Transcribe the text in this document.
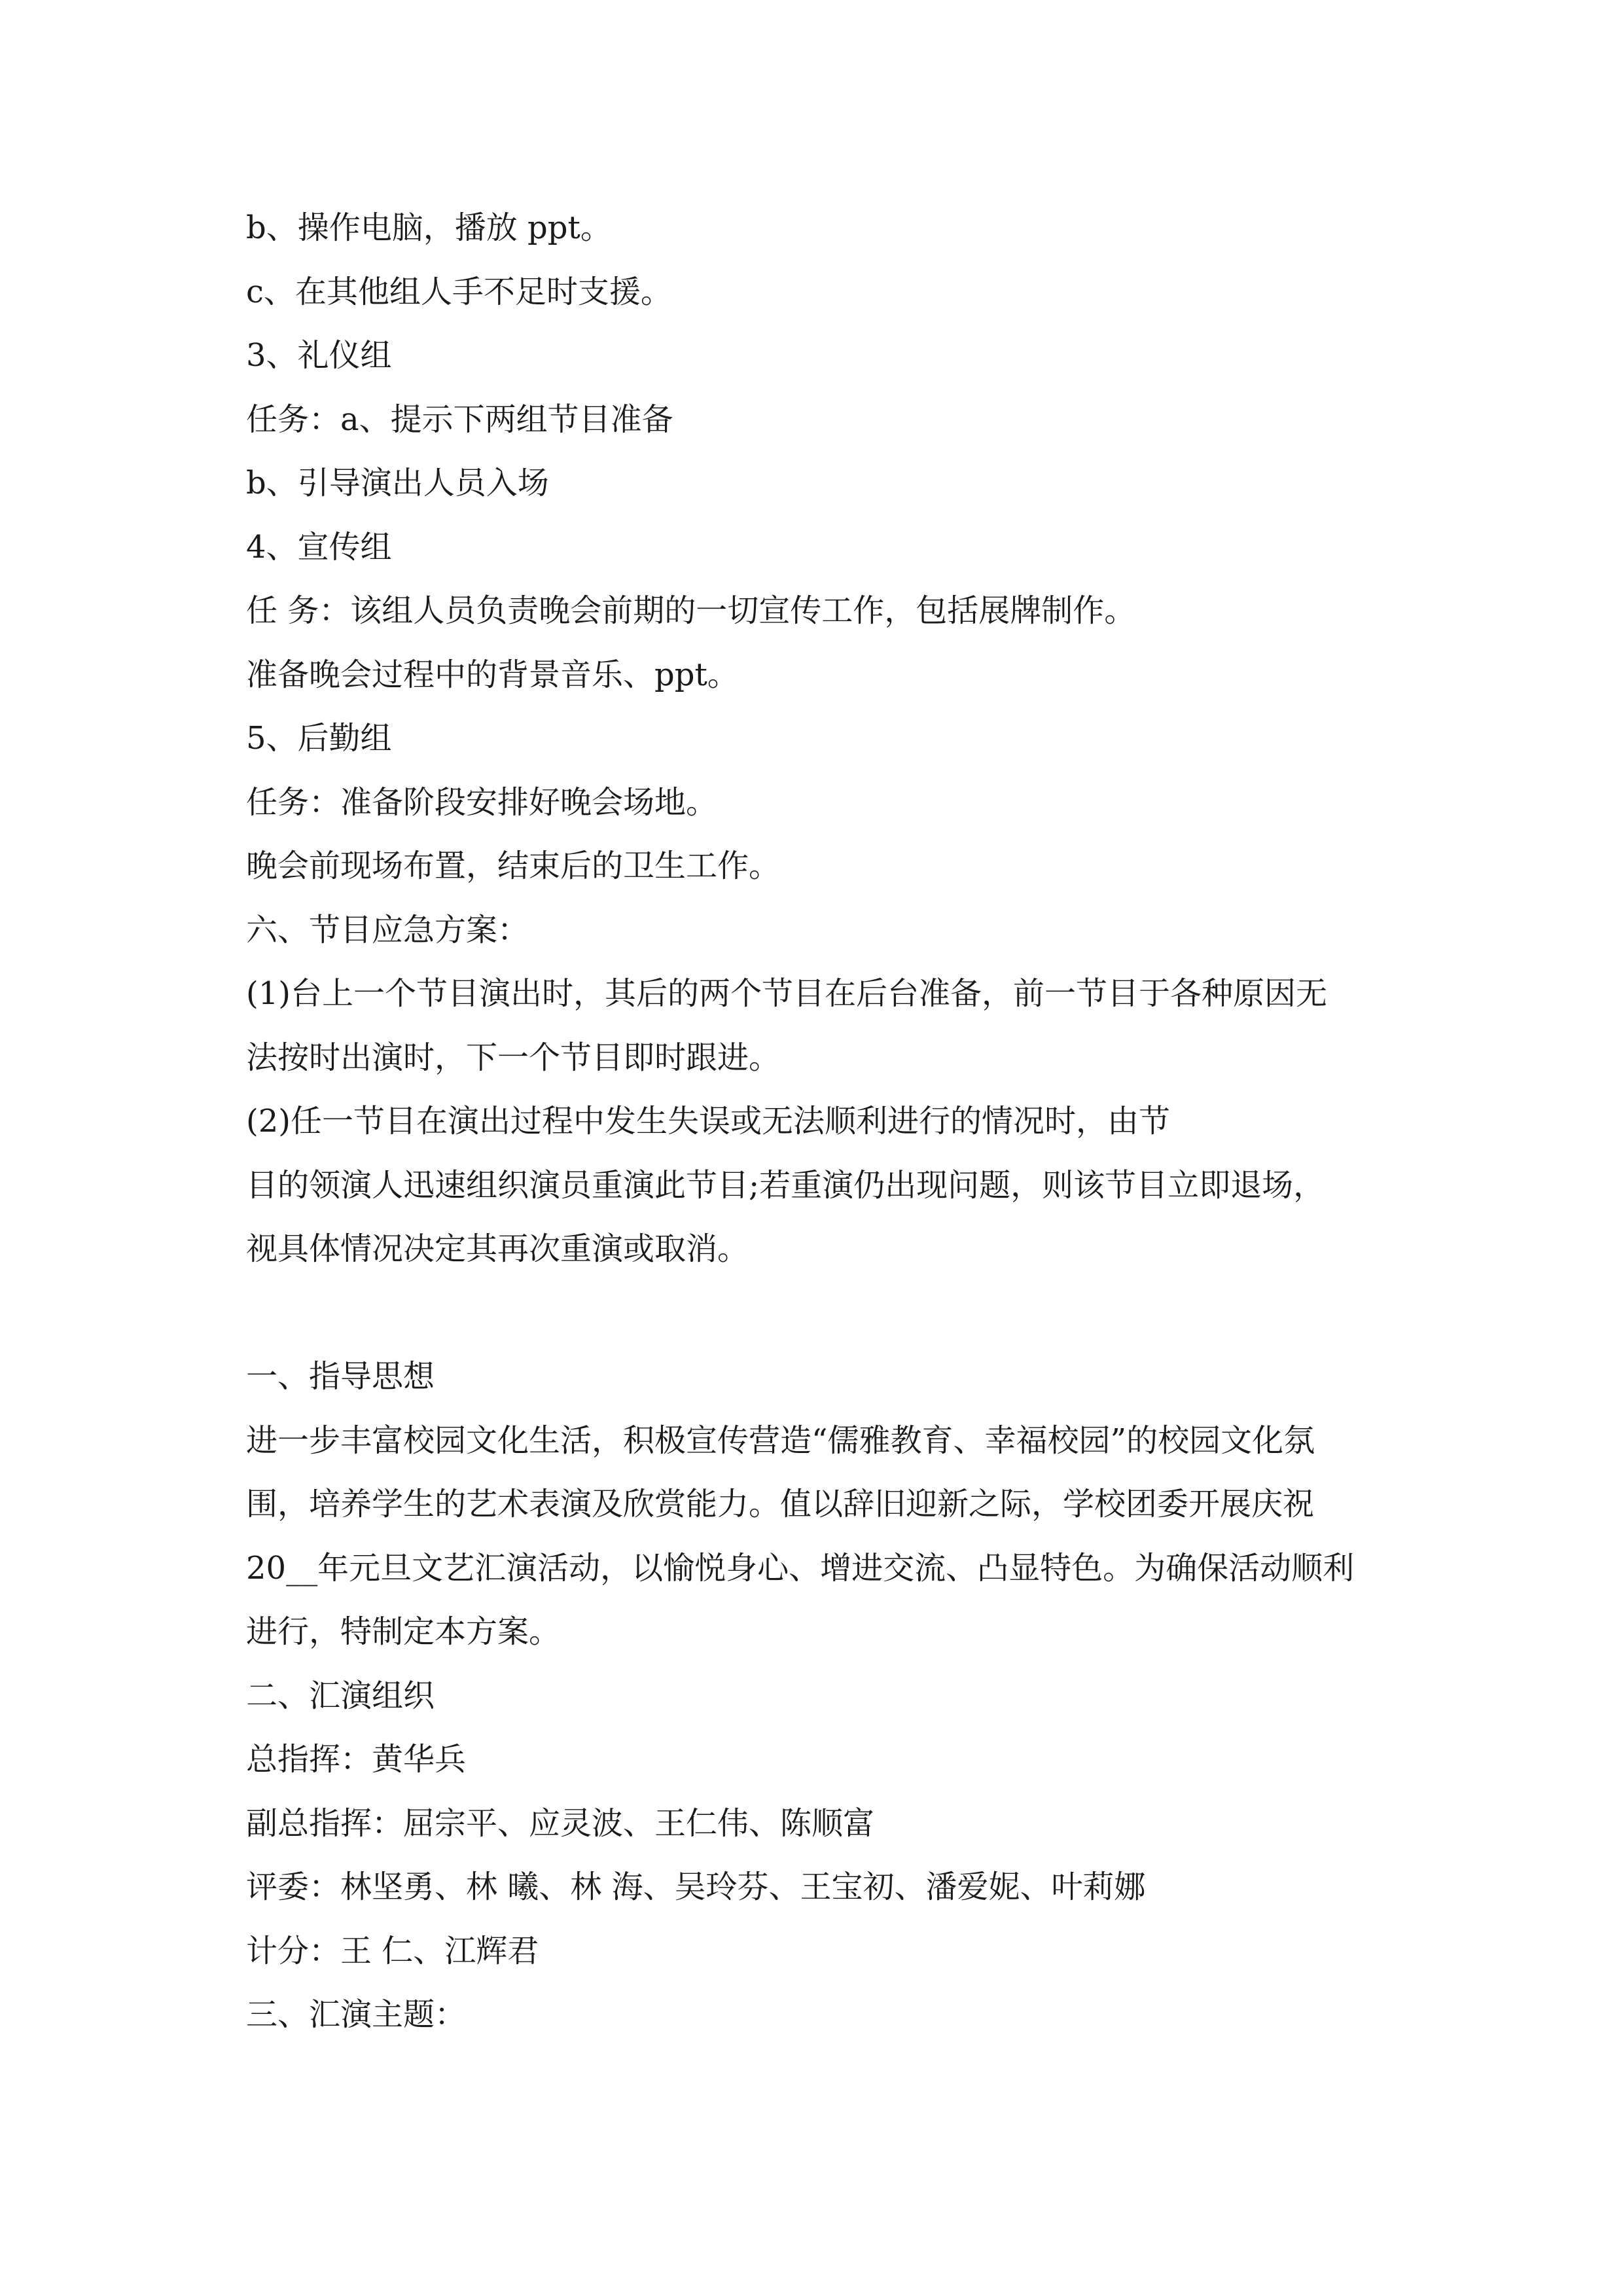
b、操作电脑，播放 ppt。
c、在其他组人手不足时支援。
3、礼仪组
任务：a、提示下两组节目准备
b、引导演出人员入场
4、宣传组
任 务：该组人员负责晚会前期的一切宣传工作，包括展牌制作。
准备晚会过程中的背景音乐、ppt。
5、后勤组
任务：准备阶段安排好晚会场地。
晚会前现场布置，结束后的卫生工作。
六、节目应急方案：
(1)台上一个节目演出时，其后的两个节目在后台准备，前一节目于各种原因无
法按时出演时，下一个节目即时跟进。
(2)任一节目在演出过程中发生失误或无法顺利进行的情况时，由节
目的领演人迅速组织演员重演此节目;若重演仍出现问题，则该节目立即退场，
视具体情况决定其再次重演或取消。
一、指导思想
进一步丰富校园文化生活，积极宣传营造“儒雅教育、幸福校园”的校园文化氛
围，培养学生的艺术表演及欣赏能力。值以辞旧迎新之际，学校团委开展庆祝
20__年元旦文艺汇演活动，以愉悦身心、增进交流、凸显特色。为确保活动顺利
进行，特制定本方案。
二、汇演组织
总指挥：黄华兵
副总指挥：屈宗平、应灵波、王仁伟、陈顺富
评委：林坚勇、林 曦、林 海、吴玲芬、王宝初、潘爱妮、叶莉娜
计分：王 仁、江辉君
三、汇演主题：
